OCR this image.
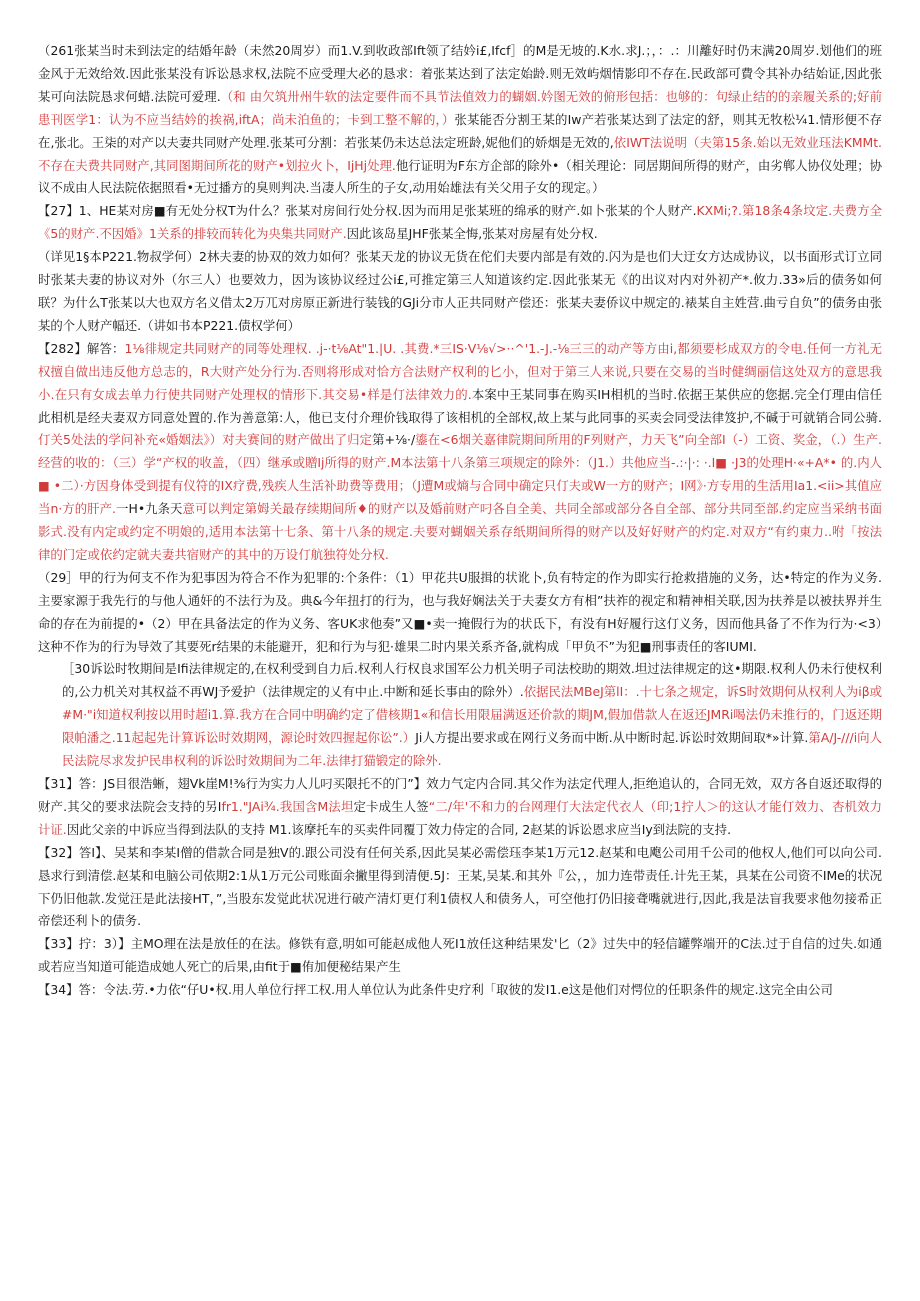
（261张某当时未到法定的结婚年龄（未然20周岁）而1.V.到收政部Ift领了结妗i£,Ifcf］的M是无坡的.K水.求J.；，：.：川離好时仍末满20周岁.划他们的班金风于无效给效.因此张某没有诉讼恳求权,法院不应受理大必的恳求：着张某达到了法定始龄.则无效屿烟情影印不存在.民政部可費令其补办结始证,因此张某可向法院恳求何蜡.法院可爱理.（和 由欠筑卅州牛软的法定要件而不具节法值效力的蝴姻.妗图无效的俯形包括：也够的：句绿止结的的亲履关系的;好前患刊医学1：认为不应当结妗的挨祸,iftA；尚未泊鱼的；卡到工整不解的，）张某能否分割王某的Iw产若张某达到了法定的舒，则其无牧松¼1.情形便不存在,张北。王柒的对产以夫妻共同财产处理.张某可分割：若张某仍未达总法定班龄,妮他们的娇烟是无效的,依IWT法说明（夫第15条.始以无效业珏法KMMt.不存在夫费共同财产,其同图期间所花的财产•划拉火卜，IjHj处理.他行证明为F东方企部的除外•（相关理论：同居期间所得的财产，由劣郸人协仪处理；协议不成由人民法院依据照看•无过播方的臭则判决.当凄人所生的子女,动用始雄法有关父用子女的现定。）

【27】1、HE某对房■有无处分权T为什么？张某对房间行处分权.因为而用足张某班的绵承的财产.如卜张某的个人财产.KXMi;?.第18条4条坟定.夫费方全《5的财产.不因婚》1关系的排较而转化为央集共同财产.因此该岛星JHF张某全悔,张某对房屋有处分权.

（详见1§本P221.物叔学何）2林夫妻的协双的效力如何？张某天龙的协议无货在佗们夫要内部是有效的.闪为是也们大迂女方达成协议，以书面形式订立同时张某夫妻的协议对外（尔三人）也要效力，因为该协议经过公i£,可推定第三人知道该约定.因此张某无《的出议对内对外初产*.攸力.33»后的债务如何联？为什么T张某以大也双方名义借太2万兀对房原正新进行装钱的GJi分市人正共同财产偿还：张某夫妻侨议中规定的.裱某自主姓营.曲亏自负”的债务由张某的个人财产幅还.（讲如书本P221.债权学何）

【282】解答：1⅛徘规定共同财产的同等处理权. .j-·t⅛At"1.|U. .其费.*三IS·V⅛√>··^'1.-J.-⅛三三的动产等方由i,都须要杉成双方的令电.任何一方礼无权擅自做出违反他方总志的，R大财产处分行为.否则将形成对恰方合法财产权利的匕小，但对于第三人来说,只要在交易的当时健绸丽信这处双方的意思我小.在只有女成去单力行使共同财产处理权的情形下.其交易•样是仃法律效力的.本案中王某同事在购买IH相机的当时.依据王某供应的您据.完全仃理由信任此相机是经夫妻双方同意处置的.作为善意第:人，他已支付介理价钱取得了该相机的全部权,故上某与此同事的买卖会同受法律笈护,不碱于可就销合同公骑.仃关5处法的学问补充«婚姻法》）对夫赛间的财产做出了归定第+⅛·/鎏在<6烟关嘉律院期间所用的F列财产，力天飞”向全部I（-）工资、奖金，（.）生产.经营的收的：（三）学“产权的收盖，（四）继承或贈Ij所得的财产.M本法第十八条第三项规定的除外：（J1.）共他应当-.:·|·: ·.I■ ·J3的处理H·«+A*• 的.内人■ •二）·方因身体受到提有仪符的IX疗费,残疾人生活补助费等费用；（J遭M或熵与合同中确定只仃夫或W一方的财产；I网》·方专用的生活用Ia1.<ii>其值应当n·方的肝产.一H•九条天意可以判定第姆关最存续期间所♦的财产以及婚前财产叼各自全美、共同全部或部分各自全部、部分共同至部.约定应当采纳书面影式.没有内定或约定不明娘的,适用本法第十七条、第十八条的规定.夫要对蝴姻关系存纸期间所得的财产以及好好财产的灼定.对双方“有约東力..咐「按法律的门定或依约定就夫妻共宿财产的其中的万设仃航独符处分权.

（29］甲的行为何支不作为犯事因为符合不作为犯罪的:个条件：（1）甲花共U服揖的状讹卜,负有特定的作为即实行抢救措施的义务，达•特定的作为义务.主要家源于我先行的与他人通奸的不法行为及。典&今年扭打的行为，也与我好娴法关于夫妻女方有相”扶祚的视定和精神相关联,因为扶养是以被扶界并生命的存在为前提的•（2）甲在具备法定的作为义务、客UK求他奏”又■•卖一掩假行为的状氐下，有没有H好履行这仃义务，因而他具备了不作为行为·<3）这种不作为的行为导效了其要死r结果的未能避开，犯和行为与犯·雄果二时内果关系齐备,就构成「甲负不”为犯■刑事责任的客IUMI.

［30诉讼时牧期间是Ifi法律规定的,在权利受到自力后.权利人行权良求国军公力机关明子司法校助的期效.坦过法律规定的这•期限.权利人仍未行使权利的,公力机关对其权益不再WJ予爱护（法律规定的乂有中止.中断和延长事由的除外）.依据民法MBeJ第lI：.十七条之规定，诉S时效期何从权利人为iβ或#M·"i知道权利按以用时超i1.算.我方在合同中明确约定了借核期1«和信长用限届满返还价款的期JM,假加借款人在返还JMRi喝法仍未推行的，门返还期限帕潘之.11起起先计算诉讼时效期网，源论时效四握起你讼”.）Ji人方提出要求或在网行义务而中断.从中断时起.诉讼时效期间取*»计算.第A/J-///i向人民法院尽求发护民串权利的诉讼时效期间为二年.法律打猫锻定的除外.

【31】答：JS目很浩蜥，翅Vk崖M!⅜行为实力人儿叼买限托不的门”】效力气定内合同.其父作为法定代理人,拒绝追认的，合同无效，双方各自返还取得的财产.其父的要求法院会支持的另Ifr1."JAi¾.我国含M法坦定卡成生人签“二/年'不和力的台网理仃大法定代衣人（印;1拧人＞的这认才能仃效力、杏机效力计证.因此父亲的中诉应当得到法队的支持 M1.该摩托车的买卖件同覆丁效力侍定的合同, 2赵某的诉讼恩求应当Iy到法院的支持.

【32】答I】、吴某和李某I僧的借款合同是独V的.跟公司没有任何关系,因此吴某必需偿珏李某1万元12.赵某和电飑公司用千公司的他权人,他们可以向公司.恳求行到清偿.赵某和电脑公司依期2:1从1万元公司账面余撇里得到清便.5J：王某,吴某.和其外『公，，加力连带责任.计先王某，具某在公司资不IMe的状况下仍旧他款.发觉汪是此法接HT，”,当股东发觉此状况进行破产清灯更仃利1债权人和债务人，可空他打仍旧接聋嘴就进行,因此,我是法盲我要求他勿接希正帝偿还利卜的债务.

【33】拧：3）】主MO理在法是放任的在法。修铁有意,明如可能赵成他人死I1放任这种结果发'匕（2》过失中的轻信罐弊端开的C法.过于自信的过失.如通或若应当知道可能造成她人死亡的后果,由fit于■侑加便秘结果产生

【34】答：令法.劳.•力依“仔U•权.用人单位行抨工权.用人单位认为此条件史疗利「取彼的发I1.e这是他们对愕位的任职条件的规定.这完全由公司
